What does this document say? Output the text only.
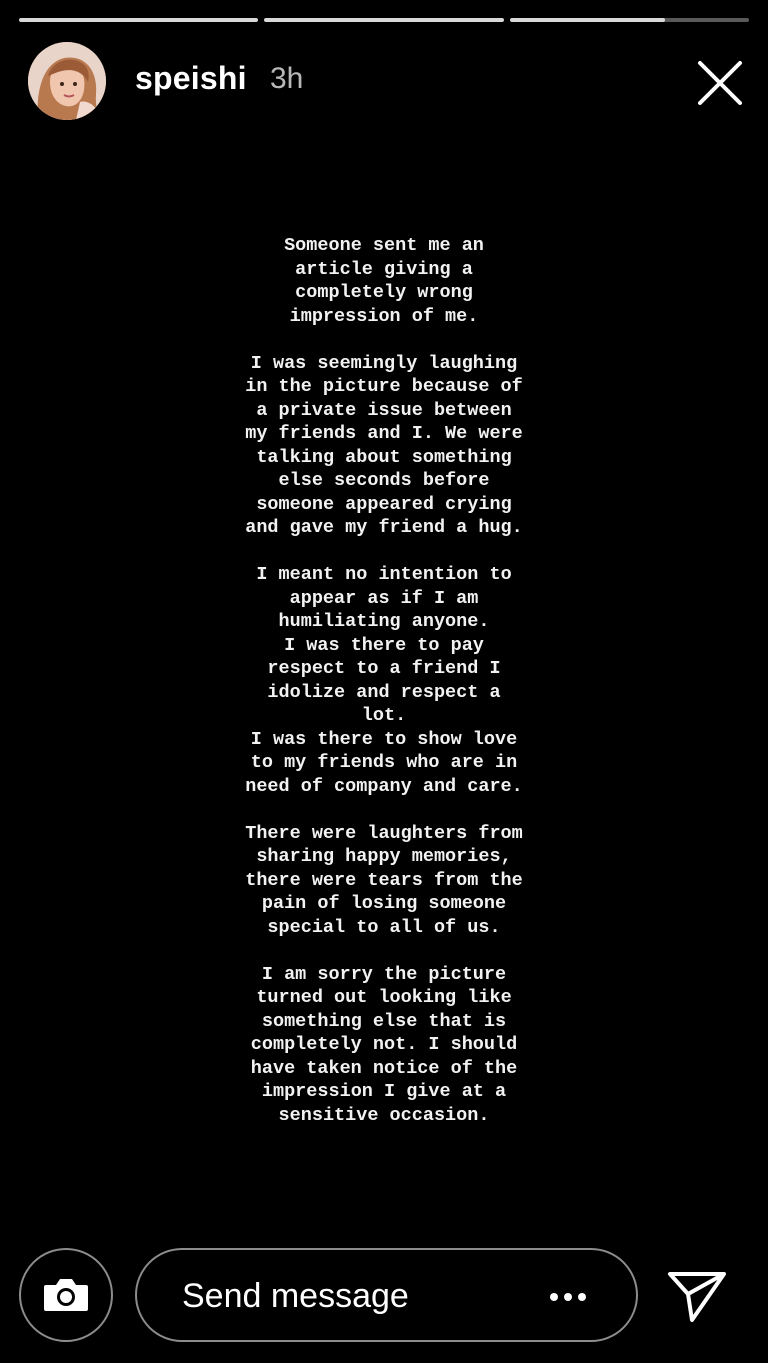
speishi 3h

Someone sent me an
article giving a
completely wrong
impression of me.

I was seemingly laughing
in the picture because of
a private issue between
my friends and I. We were
talking about something
else seconds before
someone appeared crying
and gave my friend a hug.

I meant no intention to
appear as if I am
humiliating anyone.
I was there to pay
respect to a friend I
idolize and respect a
lot.
I was there to show love
to my friends who are in
need of company and care.

There were laughters from
sharing happy memories,
there were tears from the
pain of losing someone
special to all of us.

I am sorry the picture
turned out looking like
something else that is
completely not. I should
have taken notice of the
impression I give at a
sensitive occasion.

Send message
